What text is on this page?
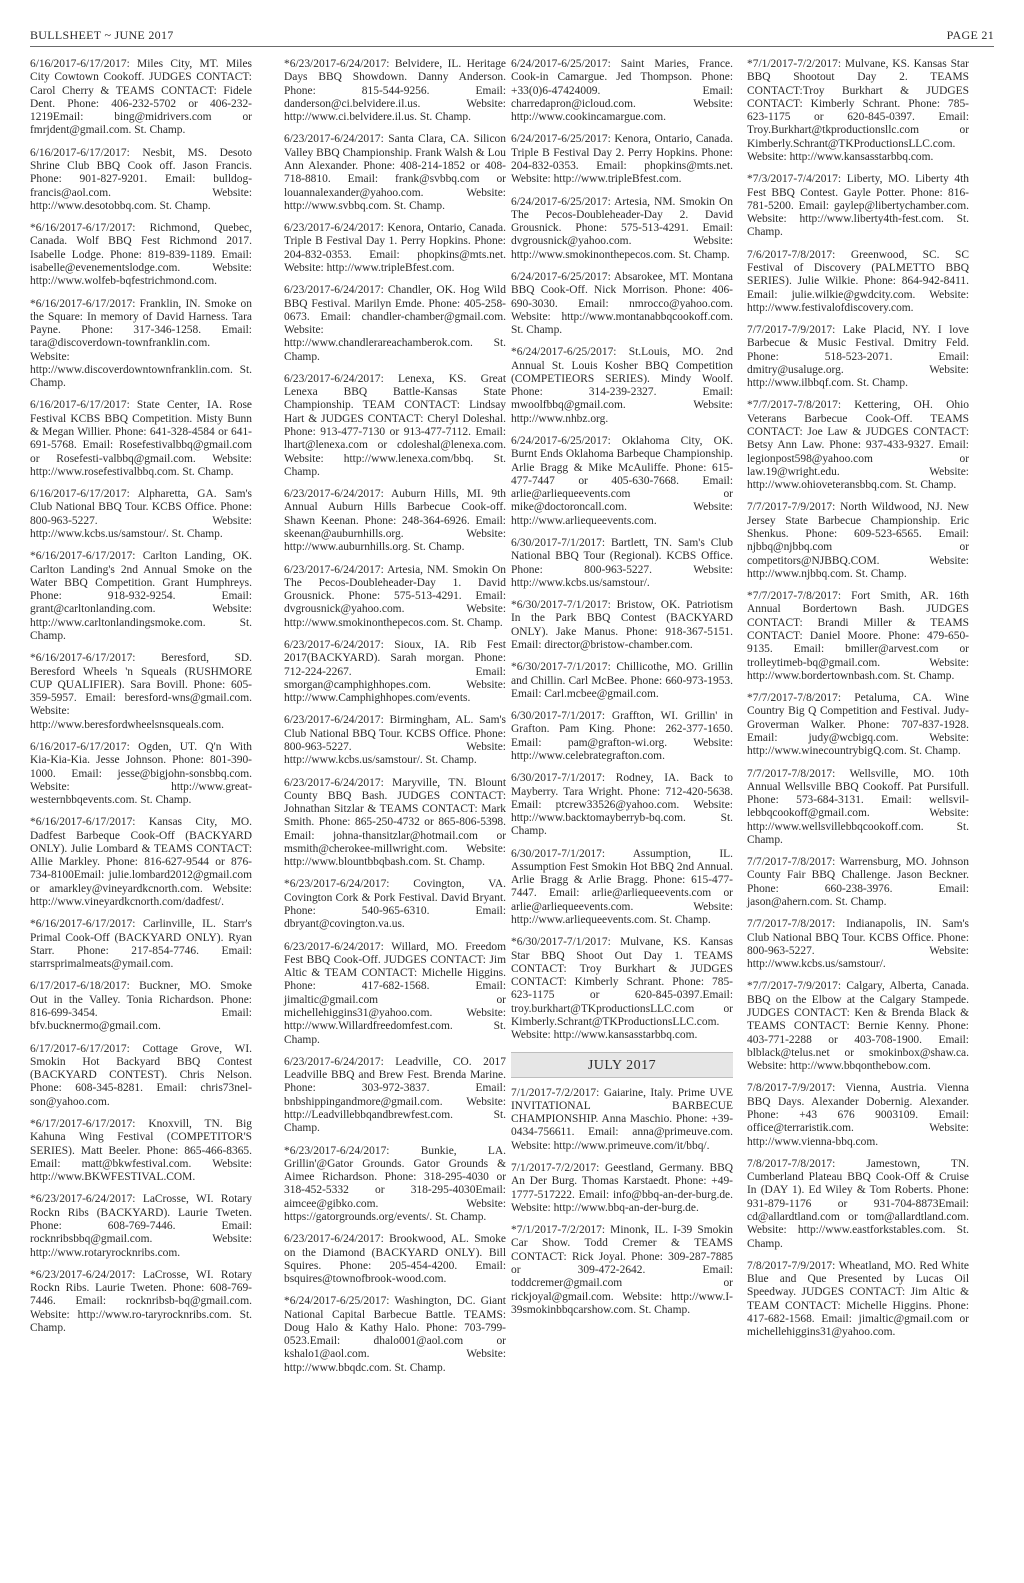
BULLSHEET ~ JUNE 2017	PAGE 21

6/16/2017-6/17/2017: Miles City, MT. Miles City Cowtown Cookoff. JUDGES CONTACT: Carol Cherry & TEAMS CONTACT: Fidele Dent. Phone: 406-232-5702 or 406-232-1219Email: bing@midrivers.com or fmrjdent@gmail.com. St. Champ.

6/16/2017-6/17/2017: Nesbit, MS. Desoto Shrine Club BBQ Cook off. Jason Francis. Phone: 901-827-9201. Email: bulldog-francis@aol.com. Website: http://www.desotobbq.com. St. Champ.

*6/16/2017-6/17/2017: Richmond, Quebec, Canada. Wolf BBQ Fest Richmond 2017. Isabelle Lodge. Phone: 819-839-1189. Email: isabelle@evenementslodge.com. Website: http://www.wolfeb-bqfestrichmond.com.

*6/16/2017-6/17/2017: Franklin, IN. Smoke on the Square: In memory of David Harness. Tara Payne. Phone: 317-346-1258. Email: tara@discoverdown-townfranklin.com. Website: http://www.discoverdowntownfranklin.com. St. Champ.

6/16/2017-6/17/2017: State Center, IA. Rose Festival KCBS BBQ Competition. Misty Bunn & Megan Willier. Phone: 641-328-4584 or 641-691-5768. Email: Rosefestivalbbq@gmail.com or Rosefesti-valbbq@gmail.com. Website: http://www.rosefestivalbbq.com. St. Champ.

6/16/2017-6/17/2017: Alpharetta, GA. Sam's Club National BBQ Tour. KCBS Office. Phone: 800-963-5227. Website: http://www.kcbs.us/samstour/. St. Champ.

*6/16/2017-6/17/2017: Carlton Landing, OK. Carlton Landing's 2nd Annual Smoke on the Water BBQ Competition. Grant Humphreys. Phone: 918-932-9254. Email: grant@carltonlanding.com. Website: http://www.carltonlandingsmoke.com. St. Champ.

*6/16/2017-6/17/2017: Beresford, SD. Beresford Wheels 'n Squeals (RUSHMORE CUP QUALIFIER). Sara Bovill. Phone: 605-359-5957. Email: beresford-wns@gmail.com. Website: http://www.beresfordwheelsnsqueals.com.

6/16/2017-6/17/2017: Ogden, UT. Q'n With Kia-Kia-Kia. Jesse Johnson. Phone: 801-390-1000. Email: jesse@bigjohn-sonsbbq.com. Website: http://www.great-westernbbqevents.com. St. Champ.

*6/16/2017-6/17/2017: Kansas City, MO. Dadfest Barbeque Cook-Off (BACKYARD ONLY). Julie Lombard & TEAMS CONTACT: Allie Markley. Phone: 816-627-9544 or 876-734-8100Email: julie.lombard2012@gmail.com or amarkley@vineyardkcnorth.com. Website: http://www.vineyardkcnorth.com/dadfest/.

*6/16/2017-6/17/2017: Carlinville, IL. Starr's Primal Cook-Off (BACKYARD ONLY). Ryan Starr. Phone: 217-854-7746. Email: starrsprimalmeats@ymail.com.

6/17/2017-6/18/2017: Buckner, MO. Smoke Out in the Valley. Tonia Richardson. Phone: 816-699-3454. Email: bfv.bucknermo@gmail.com.

6/17/2017-6/17/2017: Cottage Grove, WI. Smokin Hot Backyard BBQ Contest (BACKYARD CONTEST). Chris Nelson. Phone: 608-345-8281. Email: chris73nel-son@yahoo.com.

*6/17/2017-6/17/2017: Knoxvill, TN. Big Kahuna Wing Festival (COMPETITOR'S SERIES). Matt Beeler. Phone: 865-466-8365. Email: matt@bkwfestival.com. Website: http://www.BKWFESTIVAL.COM.

*6/23/2017-6/24/2017: LaCrosse, WI. Rotary Rockn Ribs (BACKYARD). Laurie Tweten. Phone: 608-769-7446. Email: rocknribsbbq@gmail.com. Website: http://www.rotaryrocknribs.com.

*6/23/2017-6/24/2017: LaCrosse, WI. Rotary Rockn Ribs. Laurie Tweten. Phone: 608-769-7446. Email: rocknribsb-bq@gmail.com. Website: http://www.ro-taryrocknribs.com. St. Champ.

*6/23/2017-6/24/2017: Belvidere, IL. Heritage Days BBQ Showdown. Danny Anderson. Phone: 815-544-9256. Email: danderson@ci.belvidere.il.us. Website: http://www.ci.belvidere.il.us. St. Champ.

6/23/2017-6/24/2017: Santa Clara, CA. Silicon Valley BBQ Championship. Frank Walsh & Lou Ann Alexander. Phone: 408-214-1852 or 408-718-8810. Email: frank@svbbq.com or louannalexander@yahoo.com. Website: http://www.svbbq.com. St. Champ.

6/23/2017-6/24/2017: Kenora, Ontario, Canada. Triple B Festival Day 1. Perry Hopkins. Phone: 204-832-0353. Email: phopkins@mts.net. Website: http://www.tripleBfest.com.

6/23/2017-6/24/2017: Chandler, OK. Hog Wild BBQ Festival. Marilyn Emde. Phone: 405-258-0673. Email: chandler-chamber@gmail.com. Website: http://www.chandlerareachamberok.com. St. Champ.

6/23/2017-6/24/2017: Lenexa, KS. Great Lenexa BBQ Battle-Kansas State Championship. TEAM CONTACT: Lindsay Hart & JUDGES CONTACT: Cheryl Doleshal. Phone: 913-477-7130 or 913-477-7112. Email: lhart@lenexa.com or cdoleshal@lenexa.com. Website: http://www.lenexa.com/bbq. St. Champ.

6/23/2017-6/24/2017: Auburn Hills, MI. 9th Annual Auburn Hills Barbecue Cook-off. Shawn Keenan. Phone: 248-364-6926. Email: skeenan@auburnhills.org. Website: http://www.auburnhills.org. St. Champ.

6/23/2017-6/24/2017: Artesia, NM. Smokin On The Pecos-Doubleheader-Day 1. David Grousnick. Phone: 575-513-4291. Email: dvgrousnick@yahoo.com. Website: http://www.smokinonthepecos.com. St. Champ.

6/23/2017-6/24/2017: Sioux, IA. Rib Fest 2017(BACKYARD). Sarah morgan. Phone: 712-224-2267. Email: smorgan@camphighhopes.com. Website: http://www.Camphighhopes.com/events.

6/23/2017-6/24/2017: Birmingham, AL. Sam's Club National BBQ Tour. KCBS Office. Phone: 800-963-5227. Website: http://www.kcbs.us/samstour/. St. Champ.

6/23/2017-6/24/2017: Maryville, TN. Blount County BBQ Bash. JUDGES CONTACT: Johnathan Sitzlar & TEAMS CONTACT: Mark Smith. Phone: 865-250-4732 or 865-806-5398. Email: johna-thansitzlar@hotmail.com or msmith@cherokee-millwright.com. Website: http://www.blountbbqbash.com. St. Champ.

*6/23/2017-6/24/2017: Covington, VA. Covington Cork & Pork Festival. David Bryant. Phone: 540-965-6310. Email: dbryant@covington.va.us.

6/23/2017-6/24/2017: Willard, MO. Freedom Fest BBQ Cook-Off. JUDGES CONTACT: Jim Altic & TEAM CONTACT: Michelle Higgins. Phone: 417-682-1568. Email: jimaltic@gmail.com or michellehiggins31@yahoo.com. Website: http://www.Willardfreedomfest.com. St. Champ.

6/23/2017-6/24/2017: Leadville, CO. 2017 Leadville BBQ and Brew Fest. Brenda Marine. Phone: 303-972-3837. Email: bnbshippingandmore@gmail.com. Website: http://Leadvillebbqandbrewfest.com. St. Champ.

*6/23/2017-6/24/2017: Bunkie, LA. Grillin'@Gator Grounds. Gator Grounds & Aimee Richardson. Phone: 318-295-4030 or 318-452-5332 or 318-295-4030Email: aimcee@gibko.com. Website: https://gatorgrounds.org/events/. St. Champ.

6/23/2017-6/24/2017: Brookwood, AL. Smoke on the Diamond (BACKYARD ONLY). Bill Squires. Phone: 205-454-4200. Email: bsquires@townofbrook-wood.com.

*6/24/2017-6/25/2017: Washington, DC. Giant National Capital Barbecue Battle. TEAMS: Doug Halo & Kathy Halo. Phone: 703-799-0523.Email: dhalo001@aol.com or kshalo1@aol.com. Website: http://www.bbqdc.com. St. Champ.

6/24/2017-6/25/2017: Saint Maries, France. Cook-in Camargue. Jed Thompson. Phone: +33(0)6-47424009. Email: charredapron@icloud.com. Website: http://www.cookincamargue.com.

6/24/2017-6/25/2017: Kenora, Ontario, Canada. Triple B Festival Day 2. Perry Hopkins. Phone: 204-832-0353. Email: phopkins@mts.net. Website: http://www.tripleBfest.com.

6/24/2017-6/25/2017: Artesia, NM. Smokin On The Pecos-Doubleheader-Day 2. David Grousnick. Phone: 575-513-4291. Email: dvgrousnick@yahoo.com. Website: http://www.smokinonthepecos.com. St. Champ.

6/24/2017-6/25/2017: Absarokee, MT. Montana BBQ Cook-Off. Nick Morrison. Phone: 406-690-3030. Email: nmrocco@yahoo.com. Website: http://www.montanabbqcookoff.com. St. Champ.

*6/24/2017-6/25/2017: St.Louis, MO. 2nd Annual St. Louis Kosher BBQ Competition (COMPETIEORS SERIES). Mindy Woolf. Phone: 314-239-2327. Email: mwoolfbbq@gmail.com. Website: http://www.nhbz.org.

6/24/2017-6/25/2017: Oklahoma City, OK. Burnt Ends Oklahoma Barbeque Championship. Arlie Bragg & Mike McAuliffe. Phone: 615-477-7447 or 405-630-7668. Email: arlie@arliequeevents.com or mike@doctoroncall.com. Website: http://www.arliequeevents.com.

6/30/2017-7/1/2017: Bartlett, TN. Sam's Club National BBQ Tour (Regional). KCBS Office. Phone: 800-963-5227. Website: http://www.kcbs.us/samstour/.

*6/30/2017-7/1/2017: Bristow, OK. Patriotism In the Park BBQ Contest (BACKYARD ONLY). Jake Manus. Phone: 918-367-5151. Email: director@bristow-chamber.com.

*6/30/2017-7/1/2017: Chillicothe, MO. Grillin and Chillin. Carl McBee. Phone: 660-973-1953. Email: Carl.mcbee@gmail.com.

6/30/2017-7/1/2017: Graffton, WI. Grillin' in Grafton. Pam King. Phone: 262-377-1650. Email: pam@grafton-wi.org. Website: http://www.celebrategrafton.com.

6/30/2017-7/1/2017: Rodney, IA. Back to Mayberry. Tara Wright. Phone: 712-420-5638. Email: ptcrew33526@yahoo.com. Website: http://www.backtomayberryb-bq.com. St. Champ.

6/30/2017-7/1/2017: Assumption, IL. Assumption Fest Smokin Hot BBQ 2nd Annual. Arlie Bragg & Arlie Bragg. Phone: 615-477-7447. Email: arlie@arliequeevents.com or arlie@arliequeevents.com. Website: http://www.arliequeevents.com. St. Champ.

*6/30/2017-7/1/2017: Mulvane, KS. Kansas Star BBQ Shoot Out Day 1. TEAMS CONTACT: Troy Burkhart & JUDGES CONTACT: Kimberly Schrant. Phone: 785-623-1175 or 620-845-0397.Email: troy.burkhart@TKproductionsLLC.com or Kimberly.Schrant@TKProductionsLLC.com. Website: http://www.kansasstarbbq.com.

JULY 2017

7/1/2017-7/2/2017: Gaiarine, Italy. Prime UVE INVITATIONAL BARBECUE CHAMPIONSHIP. Anna Maschio. Phone: +39-0434-756611. Email: anna@primeuve.com. Website: http://www.primeuve.com/it/bbq/.

7/1/2017-7/2/2017: Geestland, Germany. BBQ An Der Burg. Thomas Karstaedt. Phone: +49-1777-517222. Email: info@bbq-an-der-burg.de. Website: http://www.bbq-an-der-burg.de.

*7/1/2017-7/2/2017: Minonk, IL. I-39 Smokin Car Show. Todd Cremer & TEAMS CONTACT: Rick Joyal. Phone: 309-287-7885 or 309-472-2642. Email: toddcremer@gmail.com or rickjoyal@gmail.com. Website: http://www.I-39smokinbbqcarshow.com. St. Champ.

*7/1/2017-7/2/2017: Mulvane, KS. Kansas Star BBQ Shootout Day 2. TEAMS CONTACT:Troy Burkhart & JUDGES CONTACT: Kimberly Schrant. Phone: 785-623-1175 or 620-845-0397. Email: Troy.Burkhart@tkproductionsllc.com or Kimberly.Schrant@TKProductionsLLC.com. Website: http://www.kansasstarbbq.com.

*7/3/2017-7/4/2017: Liberty, MO. Liberty 4th Fest BBQ Contest. Gayle Potter. Phone: 816-781-5200. Email: gaylep@libertychamber.com. Website: http://www.liberty4th-fest.com. St. Champ.

7/6/2017-7/8/2017: Greenwood, SC. SC Festival of Discovery (PALMETTO BBQ SERIES). Julie Wilkie. Phone: 864-942-8411. Email: julie.wilkie@gwdcity.com. Website: http://www.festivalofdiscovery.com.

7/7/2017-7/9/2017: Lake Placid, NY. I love Barbecue & Music Festival. Dmitry Feld. Phone: 518-523-2071. Email: dmitry@usaluge.org. Website: http://www.ilbbqf.com. St. Champ.

*7/7/2017-7/8/2017: Kettering, OH. Ohio Veterans Barbecue Cook-Off. TEAMS CONTACT: Joe Law & JUDGES CONTACT: Betsy Ann Law. Phone: 937-433-9327. Email: legionpost598@yahoo.com or law.19@wright.edu. Website: http://www.ohioveteransbbq.com. St. Champ.

7/7/2017-7/9/2017: North Wildwood, NJ. New Jersey State Barbecue Championship. Eric Shenkus. Phone: 609-523-6565. Email: njbbq@njbbq.com or competitors@NJBBQ.COM. Website: http://www.njbbq.com. St. Champ.

*7/7/2017-7/8/2017: Fort Smith, AR. 16th Annual Bordertown Bash. JUDGES CONTACT: Brandi Miller & TEAMS CONTACT: Daniel Moore. Phone: 479-650-9135. Email: bmiller@arvest.com or trolleytimeb-bq@gmail.com. Website: http://www.bordertownbash.com. St. Champ.

*7/7/2017-7/8/2017: Petaluma, CA. Wine Country Big Q Competition and Festival. Judy-Groverman Walker. Phone: 707-837-1928. Email: judy@wcbigq.com. Website: http://www.winecountrybigQ.com. St. Champ.

7/7/2017-7/8/2017: Wellsville, MO. 10th Annual Wellsville BBQ Cookoff. Pat Pursifull. Phone: 573-684-3131. Email: wellsvil-lebbqcookoff@gmail.com. Website: http://www.wellsvillebbqcookoff.com. St. Champ.

7/7/2017-7/8/2017: Warrensburg, MO. Johnson County Fair BBQ Challenge. Jason Beckner. Phone: 660-238-3976. Email: jason@ahern.com. St. Champ.

7/7/2017-7/8/2017: Indianapolis, IN. Sam's Club National BBQ Tour. KCBS Office. Phone: 800-963-5227. Website: http://www.kcbs.us/samstour/.

*7/7/2017-7/9/2017: Calgary, Alberta, Canada. BBQ on the Elbow at the Calgary Stampede. JUDGES CONTACT: Ken & Brenda Black & TEAMS CONTACT: Bernie Kenny. Phone: 403-771-2288 or 403-708-1900. Email: blblack@telus.net or smokinbox@shaw.ca. Website: http://www.bbqonthebow.com.

7/8/2017-7/9/2017: Vienna, Austria. Vienna BBQ Days. Alexander Dobernig. Alexander. Phone: +43 676 9003109. Email: office@terraristik.com. Website: http://www.vienna-bbq.com.

7/8/2017-7/8/2017: Jamestown, TN. Cumberland Plateau BBQ Cook-Off & Cruise In (DAY 1). Ed Wiley & Tom Roberts. Phone: 931-879-1176 or 931-704-8873Email: cd@allardtland.com or tom@allardtland.com. Website: http://www.eastforkstables.com. St. Champ.

7/8/2017-7/9/2017: Wheatland, MO. Red White Blue and Que Presented by Lucas Oil Speedway. JUDGES CONTACT: Jim Altic & TEAM CONTACT: Michelle Higgins. Phone: 417-682-1568. Email: jimaltic@gmail.com or michellehiggins31@yahoo.com.
